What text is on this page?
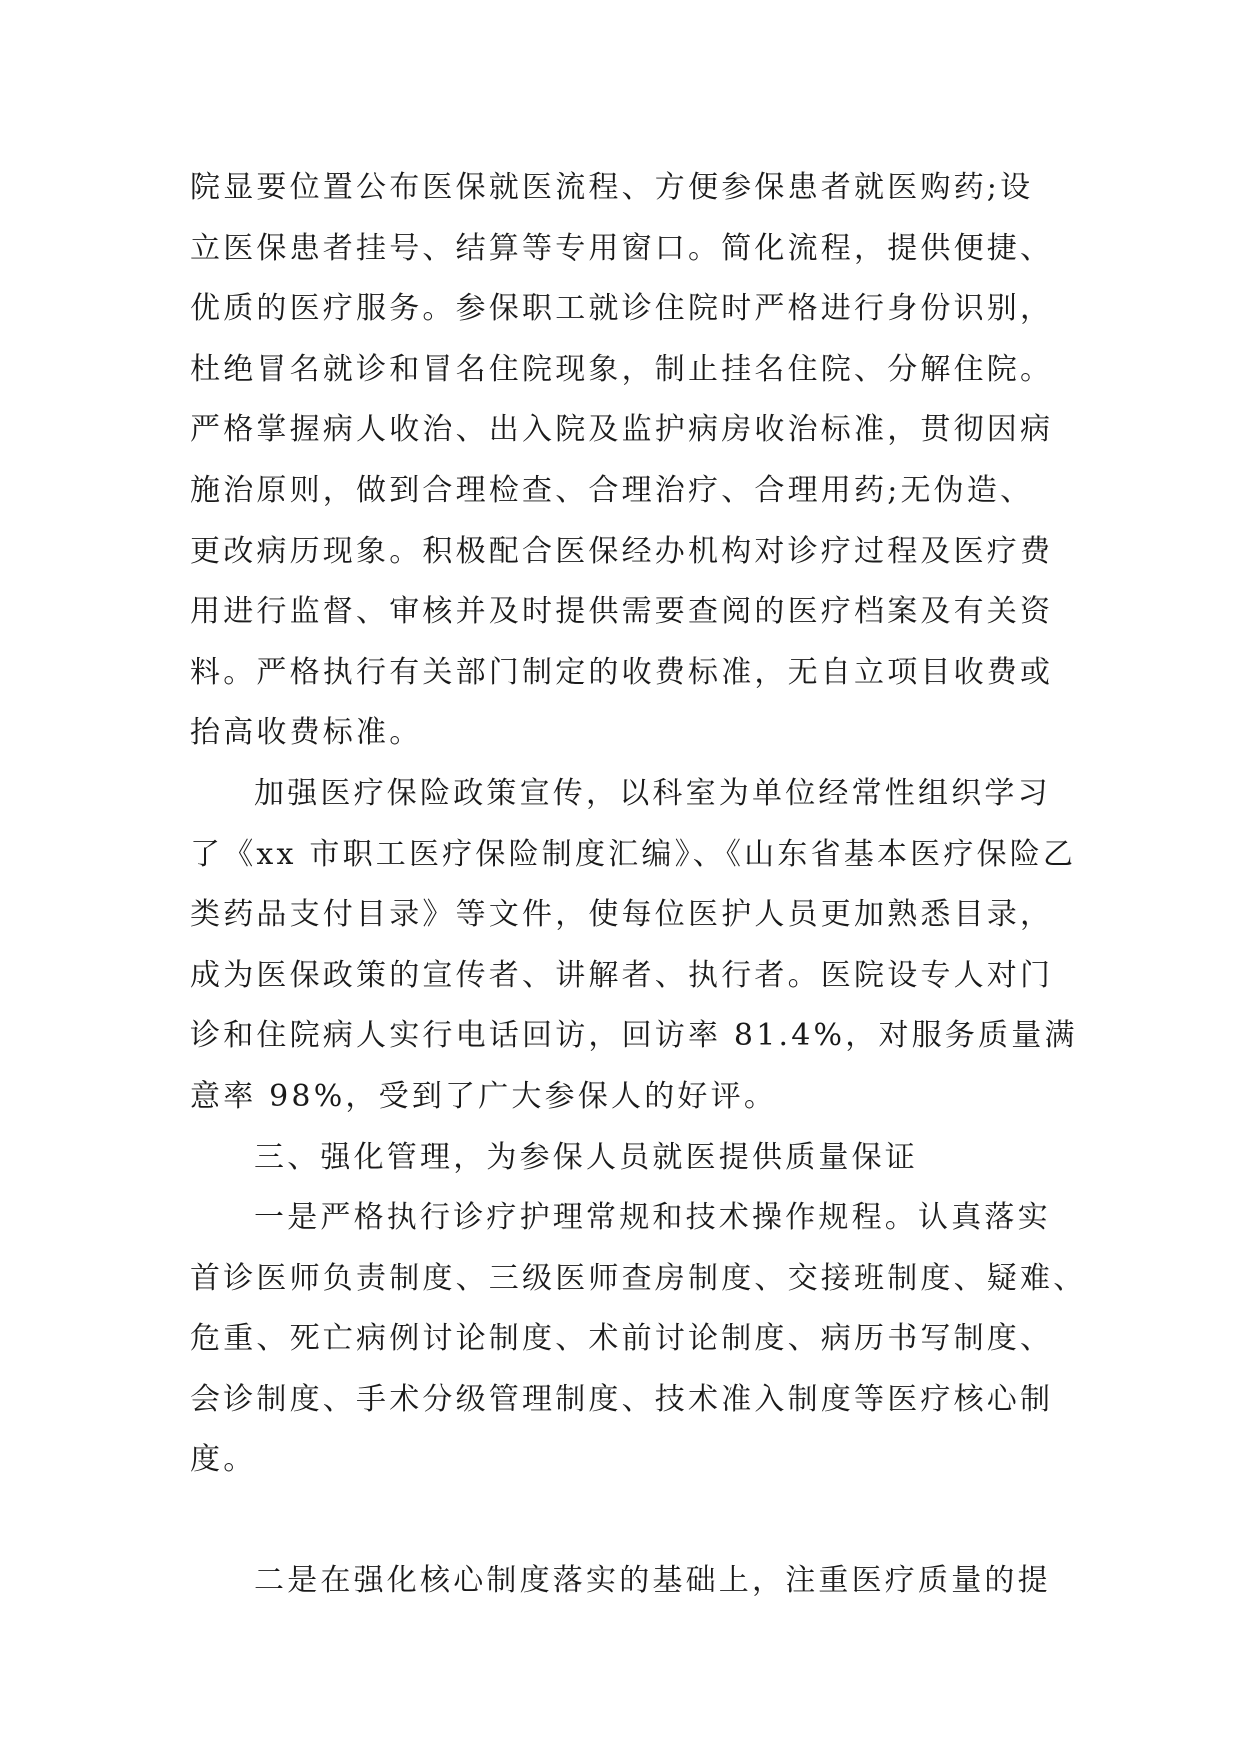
院显要位置公布医保就医流程、方便参保患者就医购药;设
立医保患者挂号、结算等专用窗口。简化流程，提供便捷、
优质的医疗服务。参保职工就诊住院时严格进行身份识别，
杜绝冒名就诊和冒名住院现象，制止挂名住院、分解住院。
严格掌握病人收治、出入院及监护病房收治标准，贯彻因病
施治原则，做到合理检查、合理治疗、合理用药;无伪造、
更改病历现象。积极配合医保经办机构对诊疗过程及医疗费
用进行监督、审核并及时提供需要查阅的医疗档案及有关资
料。严格执行有关部门制定的收费标准，无自立项目收费或
抬高收费标准。
加强医疗保险政策宣传，以科室为单位经常性组织学习
了《xx 市职工医疗保险制度汇编》、《山东省基本医疗保险乙
类药品支付目录》等文件，使每位医护人员更加熟悉目录，
成为医保政策的宣传者、讲解者、执行者。医院设专人对门
诊和住院病人实行电话回访，回访率 81.4%，对服务质量满
意率 98%，受到了广大参保人的好评。
三、强化管理，为参保人员就医提供质量保证
一是严格执行诊疗护理常规和技术操作规程。认真落实
首诊医师负责制度、三级医师查房制度、交接班制度、疑难、
危重、死亡病例讨论制度、术前讨论制度、病历书写制度、
会诊制度、手术分级管理制度、技术准入制度等医疗核心制
度。
二是在强化核心制度落实的基础上，注重医疗质量的提
